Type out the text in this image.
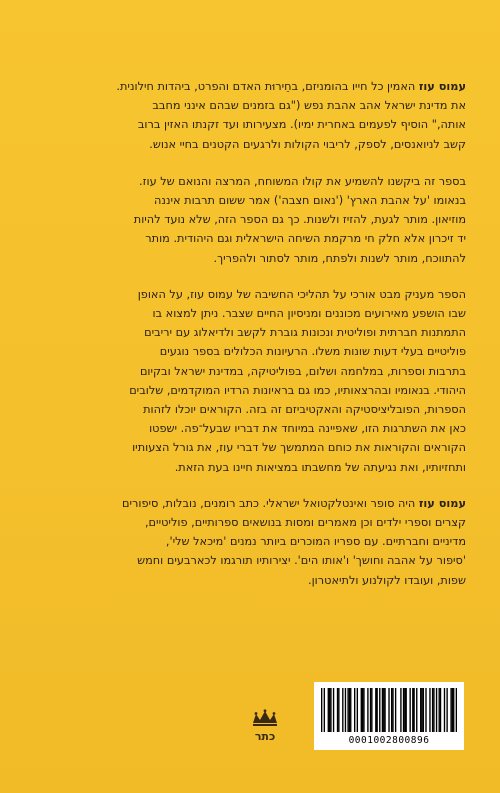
עמוס עוז האמין כל חייו בהומניזם, בחֵירוּת האדם והפרט, ביהדות חילונית.
את מדינת ישראל אהב אהבת נפש ("גם בזמנים שבהם אינני מחבב
אותה," הוסיף לפעמים באחרית ימיו). מצעירותו ועד זקנתו האזין ברוב
קשב לניואנסים, לספק, לריבוי הקולות ולרגעים הקטנים בחיי אנוש.

בספר זה ביקשנו להשמיע את קולו המשוחח, המרצה והנואם של עוז.
בנאומו 'על אהבת הארץ' ('נאום חצבה') אמר ששום תרבות איננה
מוזיאון. מותר לגעת, להזיז ולשנות. כך גם הספר הזה, שלא נועד להיות
יד זיכרון אלא חלק חי מרקמת השיחה הישראלית וגם היהודית. מותר
להתווכח, מותר לשנות ולפתח, מותר לסתור ולהפריך.

הספר מעניק מבט אורכי על תהליכי החשיבה של עמוס עוז, על האופן
שבו הושפע מאירועים מכוננים ומניסיון החיים שצבר. ניתן למצוא בו
התמתנות חברתית ופוליטית ונכונות גוברת לקשב ולדיאלוג עם יריבים
פוליטיים בעלי דעות שונות משלו. הרעיונות הכלולים בספר נוגעים
בתרבות וספרות, במלחמה ושלום, בפוליטיקה, במדינת ישראל ובקיום
היהודי. בנאומיו ובהרצאותיו, כמו גם בראיונות הרדיו המוקדמים, שלובים
הספרות, הפובליציסטיקה והאקטיביזם זה בזה. הקוראים יוכלו לזהות
כאן את השתרגות הזו, שאפיינה במיוחד את דבריו שבעל־פה. ישפטו
הקוראים והקוראות את כוחם המתמשך של דברי עוז, את גורל הצעותיו
ותחזיותיו, ואת נגיעתה של מחשבתו במציאות חיינו בעת הזאת.

עמוס עוז היה סופר ואינטלקטואל ישראלי. כתב רומנים, נובלות, סיפורים
קצרים וספרי ילדים וכן מאמרים ומסות בנושאים ספרותיים, פוליטיים,
מדיניים וחברתיים. עם ספריו המוכרים ביותר נמנים 'מיכאל שלי',
'סיפור על אהבה וחושך' ו'אותו הים'. יצירותיו תורגמו לכארבעים וחמש
שפות, ועובדו לקולנוע ולתיאטרון.

כתר	0001002800896
